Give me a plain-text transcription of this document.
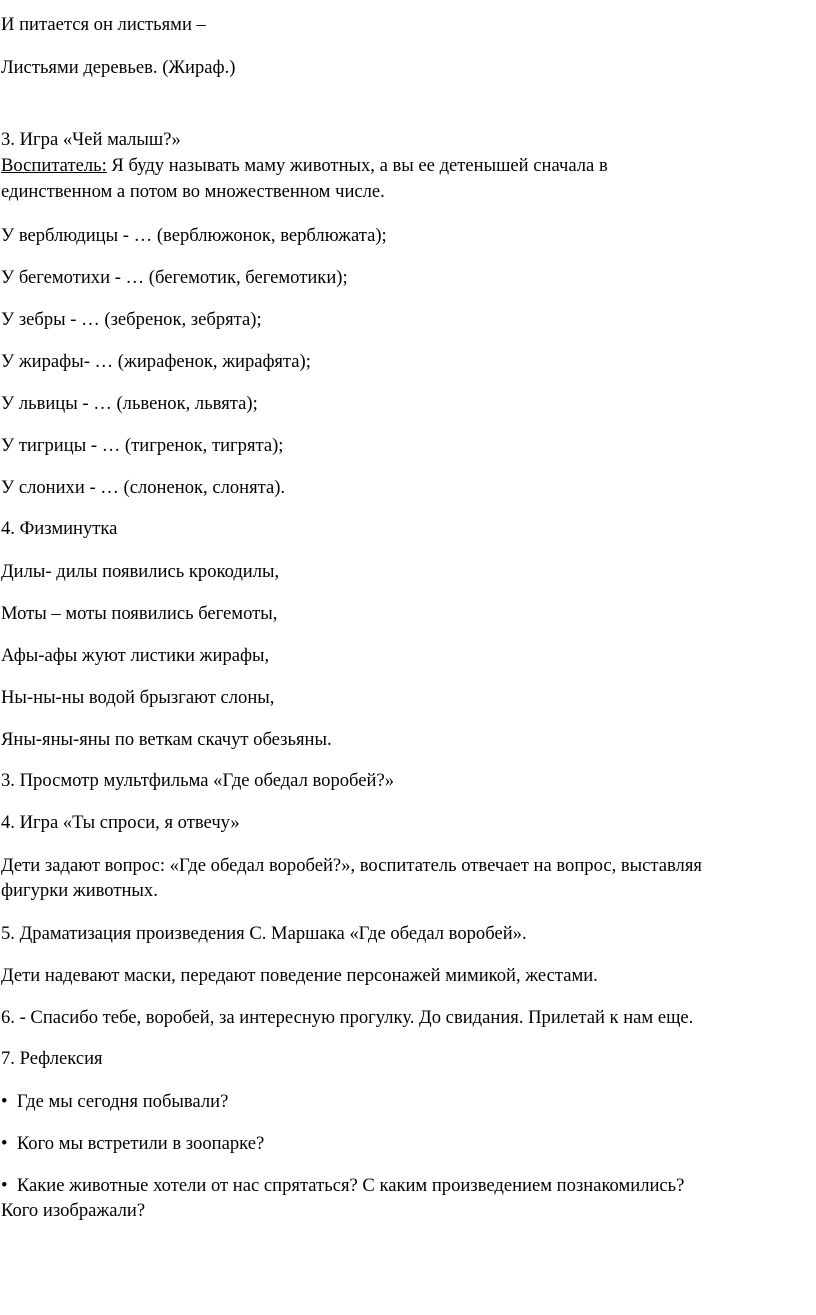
И питается он листьями –
Листьями деревьев. (Жираф.)
3. Игра «Чей малыш?»
Воспитатель: Я буду называть маму животных, а вы ее детенышей сначала в
единственном а потом во множественном числе.
У верблюдицы - … (верблюжонок, верблюжата);
У бегемотихи - … (бегемотик, бегемотики);
У зебры - … (зебренок, зебрята);
У жирафы- … (жирафенок, жирафята);
У львицы - … (львенок, львята);
У тигрицы - … (тигренок, тигрята);
У слонихи - … (слоненок, слонята).
4. Физминутка
Дилы- дилы появились крокодилы,
Моты – моты появились бегемоты,
Афы-афы жуют листики жирафы,
Ны-ны-ны водой брызгают слоны,
Яны-яны-яны по веткам скачут обезьяны.
3. Просмотр мультфильма «Где обедал воробей?»
4. Игра «Ты спроси, я отвечу»
Дети задают вопрос: «Где обедал воробей?», воспитатель отвечает на вопрос, выставляя
фигурки животных.
5. Драматизация произведения С. Маршака «Где обедал воробей».
Дети надевают маски, передают поведение персонажей мимикой, жестами.
6. - Спасибо тебе, воробей, за интересную прогулку. До свидания. Прилетай к нам еще.
7. Рефлексия
• Где мы сегодня побывали?
• Кого мы встретили в зоопарке?
• Какие животные хотели от нас спрятаться? С каким произведением познакомились?
Кого изображали?
